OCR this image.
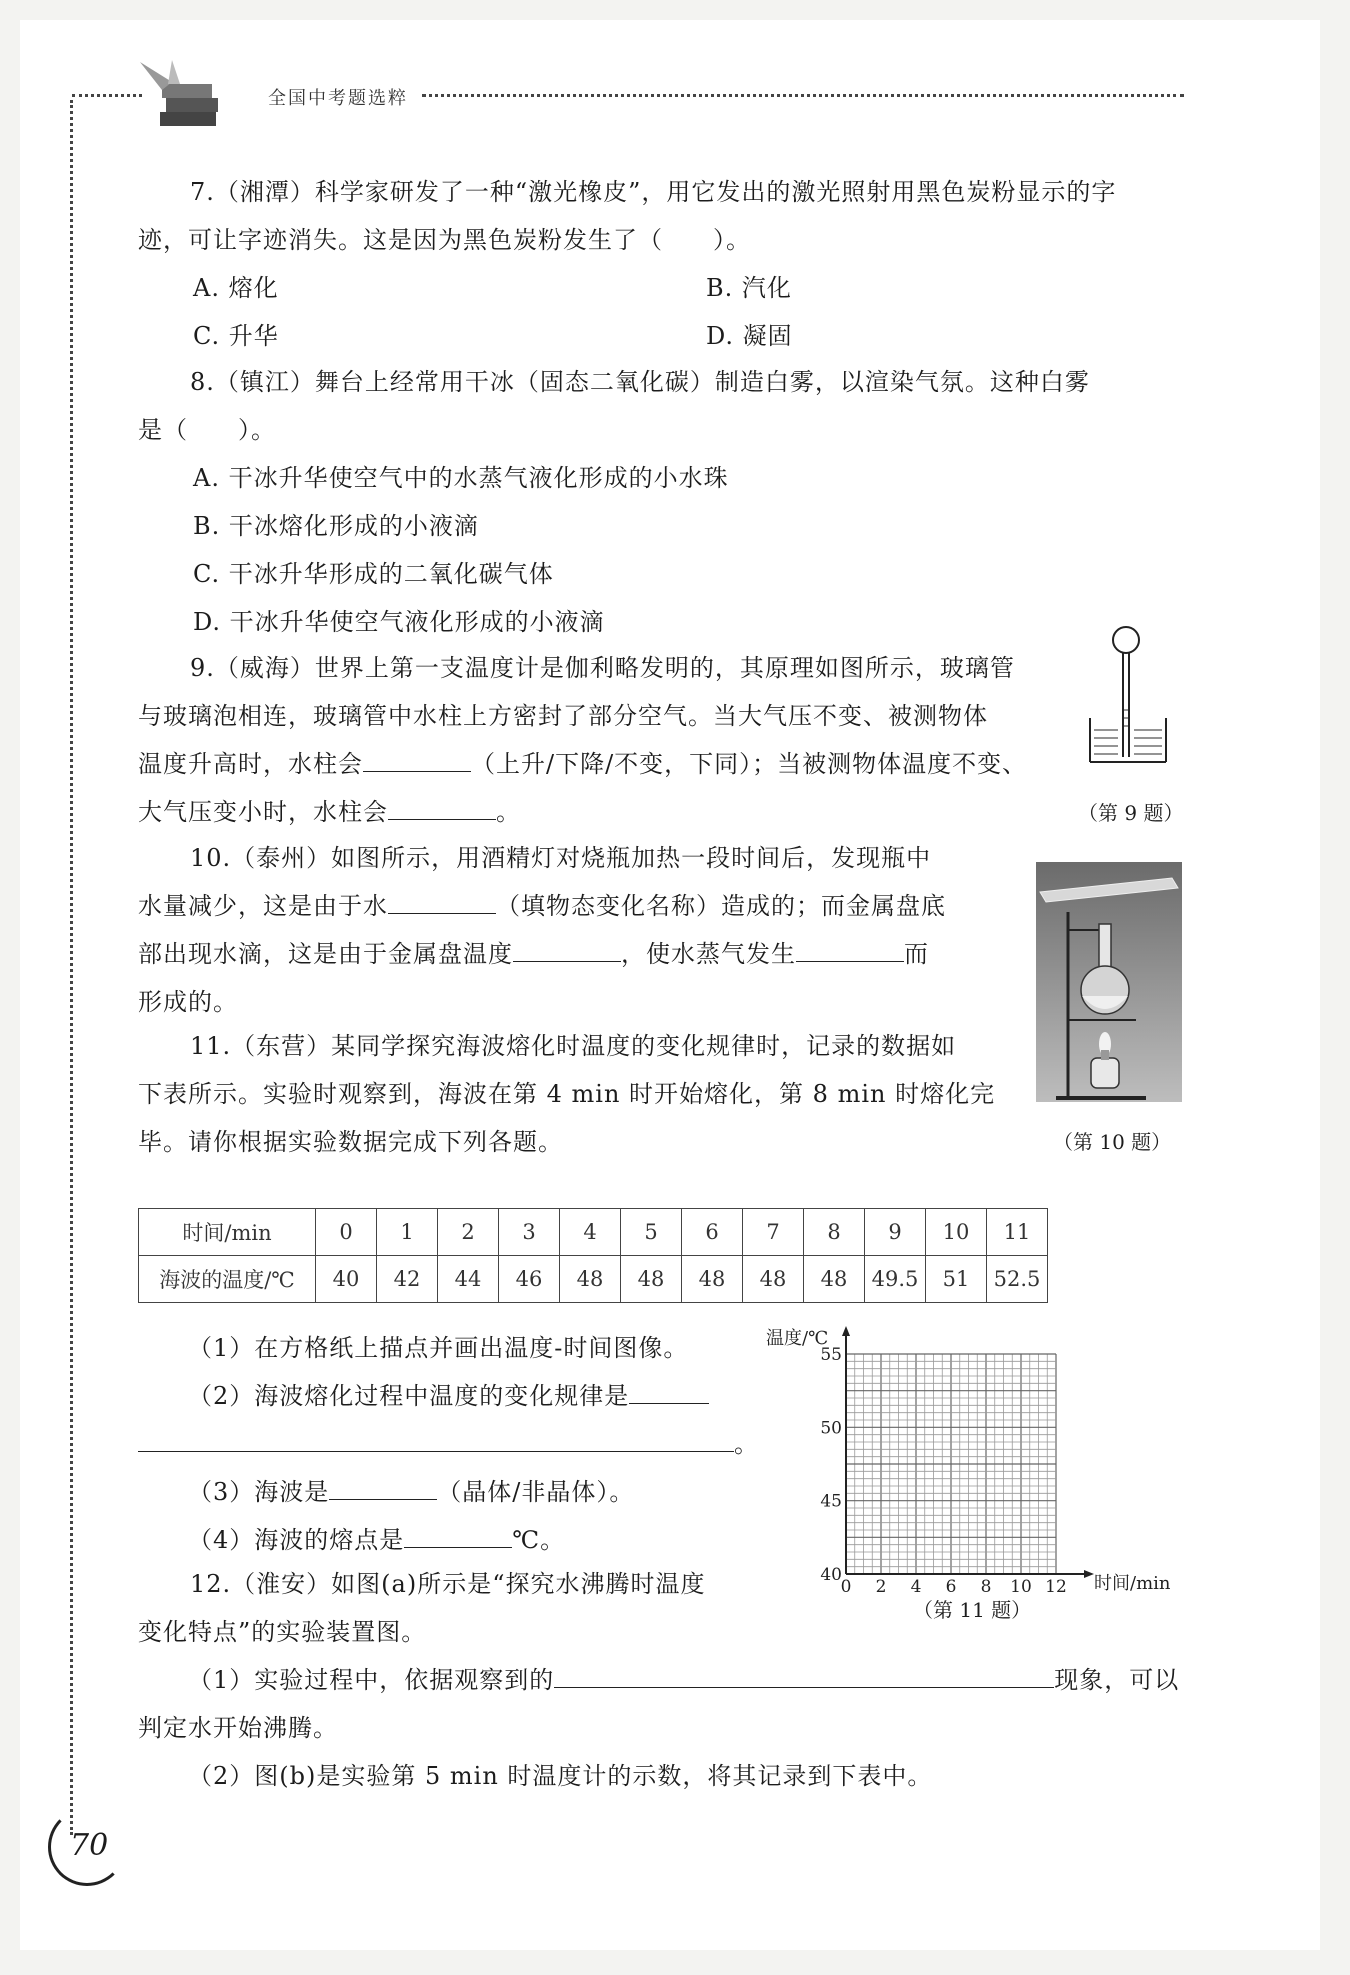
全国中考题选粹
7.（湘潭）科学家研发了一种“激光橡皮”，用它发出的激光照射用黑色炭粉显示的字
迹，可让字迹消失。这是因为黑色炭粉发生了（　　）。
A. 熔化	B. 汽化
C. 升华	D. 凝固
8.（镇江）舞台上经常用干冰（固态二氧化碳）制造白雾，以渲染气氛。这种白雾
是（　　）。
A. 干冰升华使空气中的水蒸气液化形成的小水珠
B. 干冰熔化形成的小液滴
C. 干冰升华形成的二氧化碳气体
D. 干冰升华使空气液化形成的小液滴
9.（威海）世界上第一支温度计是伽利略发明的，其原理如图所示，玻璃管
与玻璃泡相连，玻璃管中水柱上方密封了部分空气。当大气压不变、被测物体
温度升高时，水柱会	（上升/下降/不变，下同）；当被测物体温度不变、
大气压变小时，水柱会	。	（第 9 题）
10.（泰州）如图所示，用酒精灯对烧瓶加热一段时间后，发现瓶中
水量减少，这是由于水	（填物态变化名称）造成的；而金属盘底
部出现水滴，这是由于金属盘温度	，使水蒸气发生	而
形成的。
（第 10 题）
11.（东营）某同学探究海波熔化时温度的变化规律时，记录的数据如
下表所示。实验时观察到，海波在第 4 min 时开始熔化，第 8 min 时熔化完
毕。请你根据实验数据完成下列各题。
时间/min	0	1	2	3	4	5	6	7	8	9	10	11
海波的温度/℃	40	42	44	46	48	48	48	48	48	49.5	51	52.5
（1）在方格纸上描点并画出温度-时间图像。
（2）海波熔化过程中温度的变化规律是
。
（3）海波是	（晶体/非晶体）。
（4）海波的熔点是	℃。
40
45
50
55
0 2 4 6 8 10 12
温度/℃
时间/min
（第 11 题）
12.（淮安）如图(a)所示是“探究水沸腾时温度
变化特点”的实验装置图。
（1）实验过程中，依据观察到的	现象，可以
判定水开始沸腾。
（2）图(b)是实验第 5 min 时温度计的示数，将其记录到下表中。
70
